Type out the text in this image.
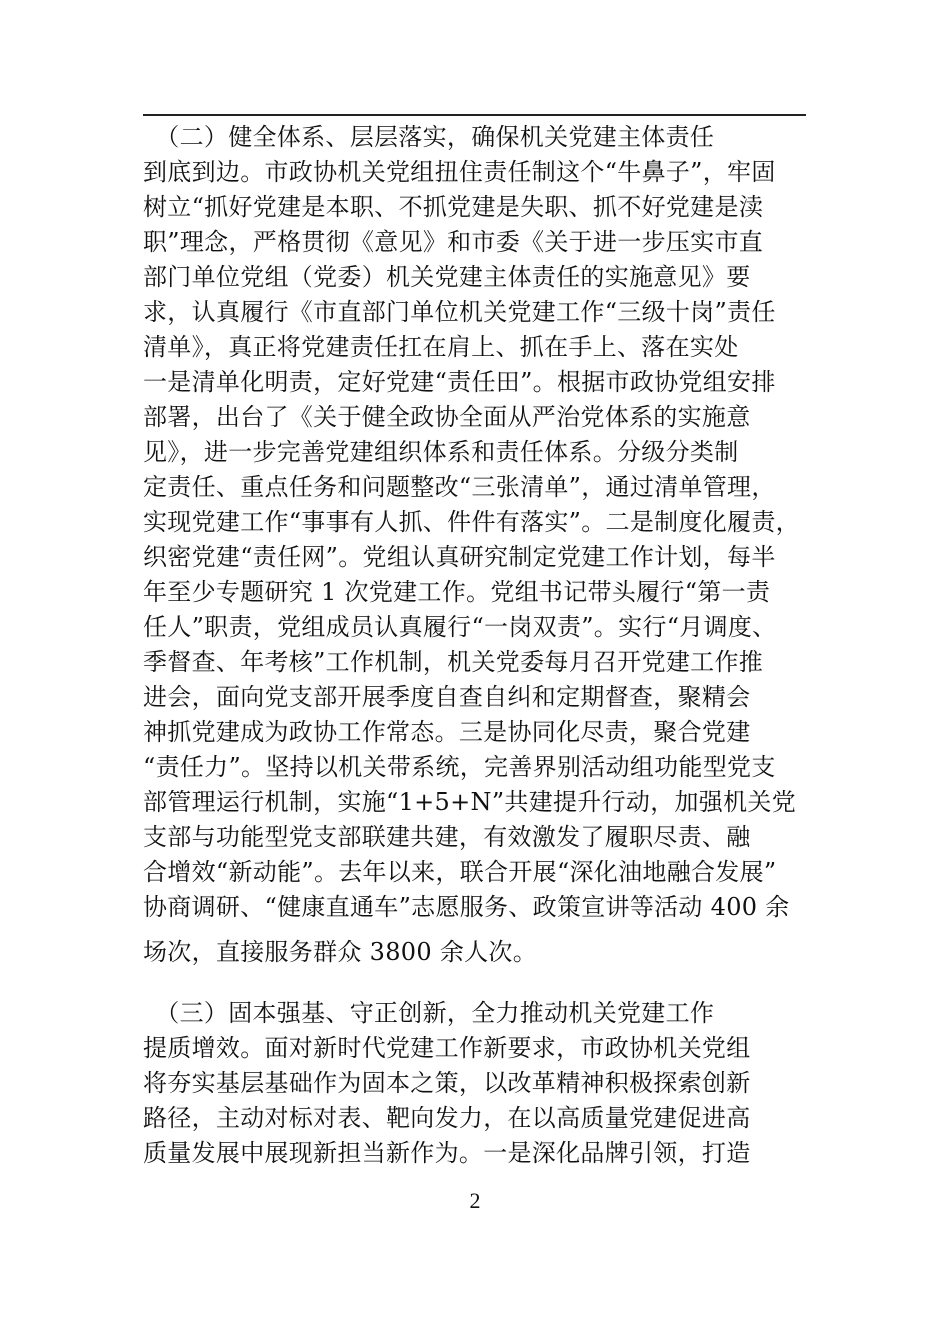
　（二）健全体系、层层落实，确保机关党建主体责任
到底到边。市政协机关党组扭住责任制这个“牛鼻子”，牢固
树立“抓好党建是本职、不抓党建是失职、抓不好党建是渎
职”理念，严格贯彻《意见》和市委《关于进一步压实市直
部门单位党组（党委）机关党建主体责任的实施意见》要
求，认真履行《市直部门单位机关党建工作“三级十岗”责任
清单》，真正将党建责任扛在肩上、抓在手上、落在实处
一是清单化明责，定好党建“责任田”。根据市政协党组安排
部署，出台了《关于健全政协全面从严治党体系的实施意
见》，进一步完善党建组织体系和责任体系。分级分类制
定责任、重点任务和问题整改“三张清单”，通过清单管理，
实现党建工作“事事有人抓、件件有落实”。二是制度化履责，
织密党建“责任网”。党组认真研究制定党建工作计划，每半
年至少专题研究 1 次党建工作。党组书记带头履行“第一责
任人”职责，党组成员认真履行“一岗双责”。实行“月调度、
季督查、年考核”工作机制，机关党委每月召开党建工作推
进会，面向党支部开展季度自查自纠和定期督查，聚精会
神抓党建成为政协工作常态。三是协同化尽责，聚合党建
“责任力”。坚持以机关带系统，完善界别活动组功能型党支
部管理运行机制，实施“1+5+N”共建提升行动，加强机关党
支部与功能型党支部联建共建，有效激发了履职尽责、融
合增效“新动能”。去年以来，联合开展“深化油地融合发展”
协商调研、“健康直通车”志愿服务、政策宣讲等活动 400 余
场次，直接服务群众 3800 余人次。
　（三）固本强基、守正创新，全力推动机关党建工作
提质增效。面对新时代党建工作新要求，市政协机关党组
将夯实基层基础作为固本之策，以改革精神积极探索创新
路径，主动对标对表、靶向发力，在以高质量党建促进高
质量发展中展现新担当新作为。一是深化品牌引领，打造
2
